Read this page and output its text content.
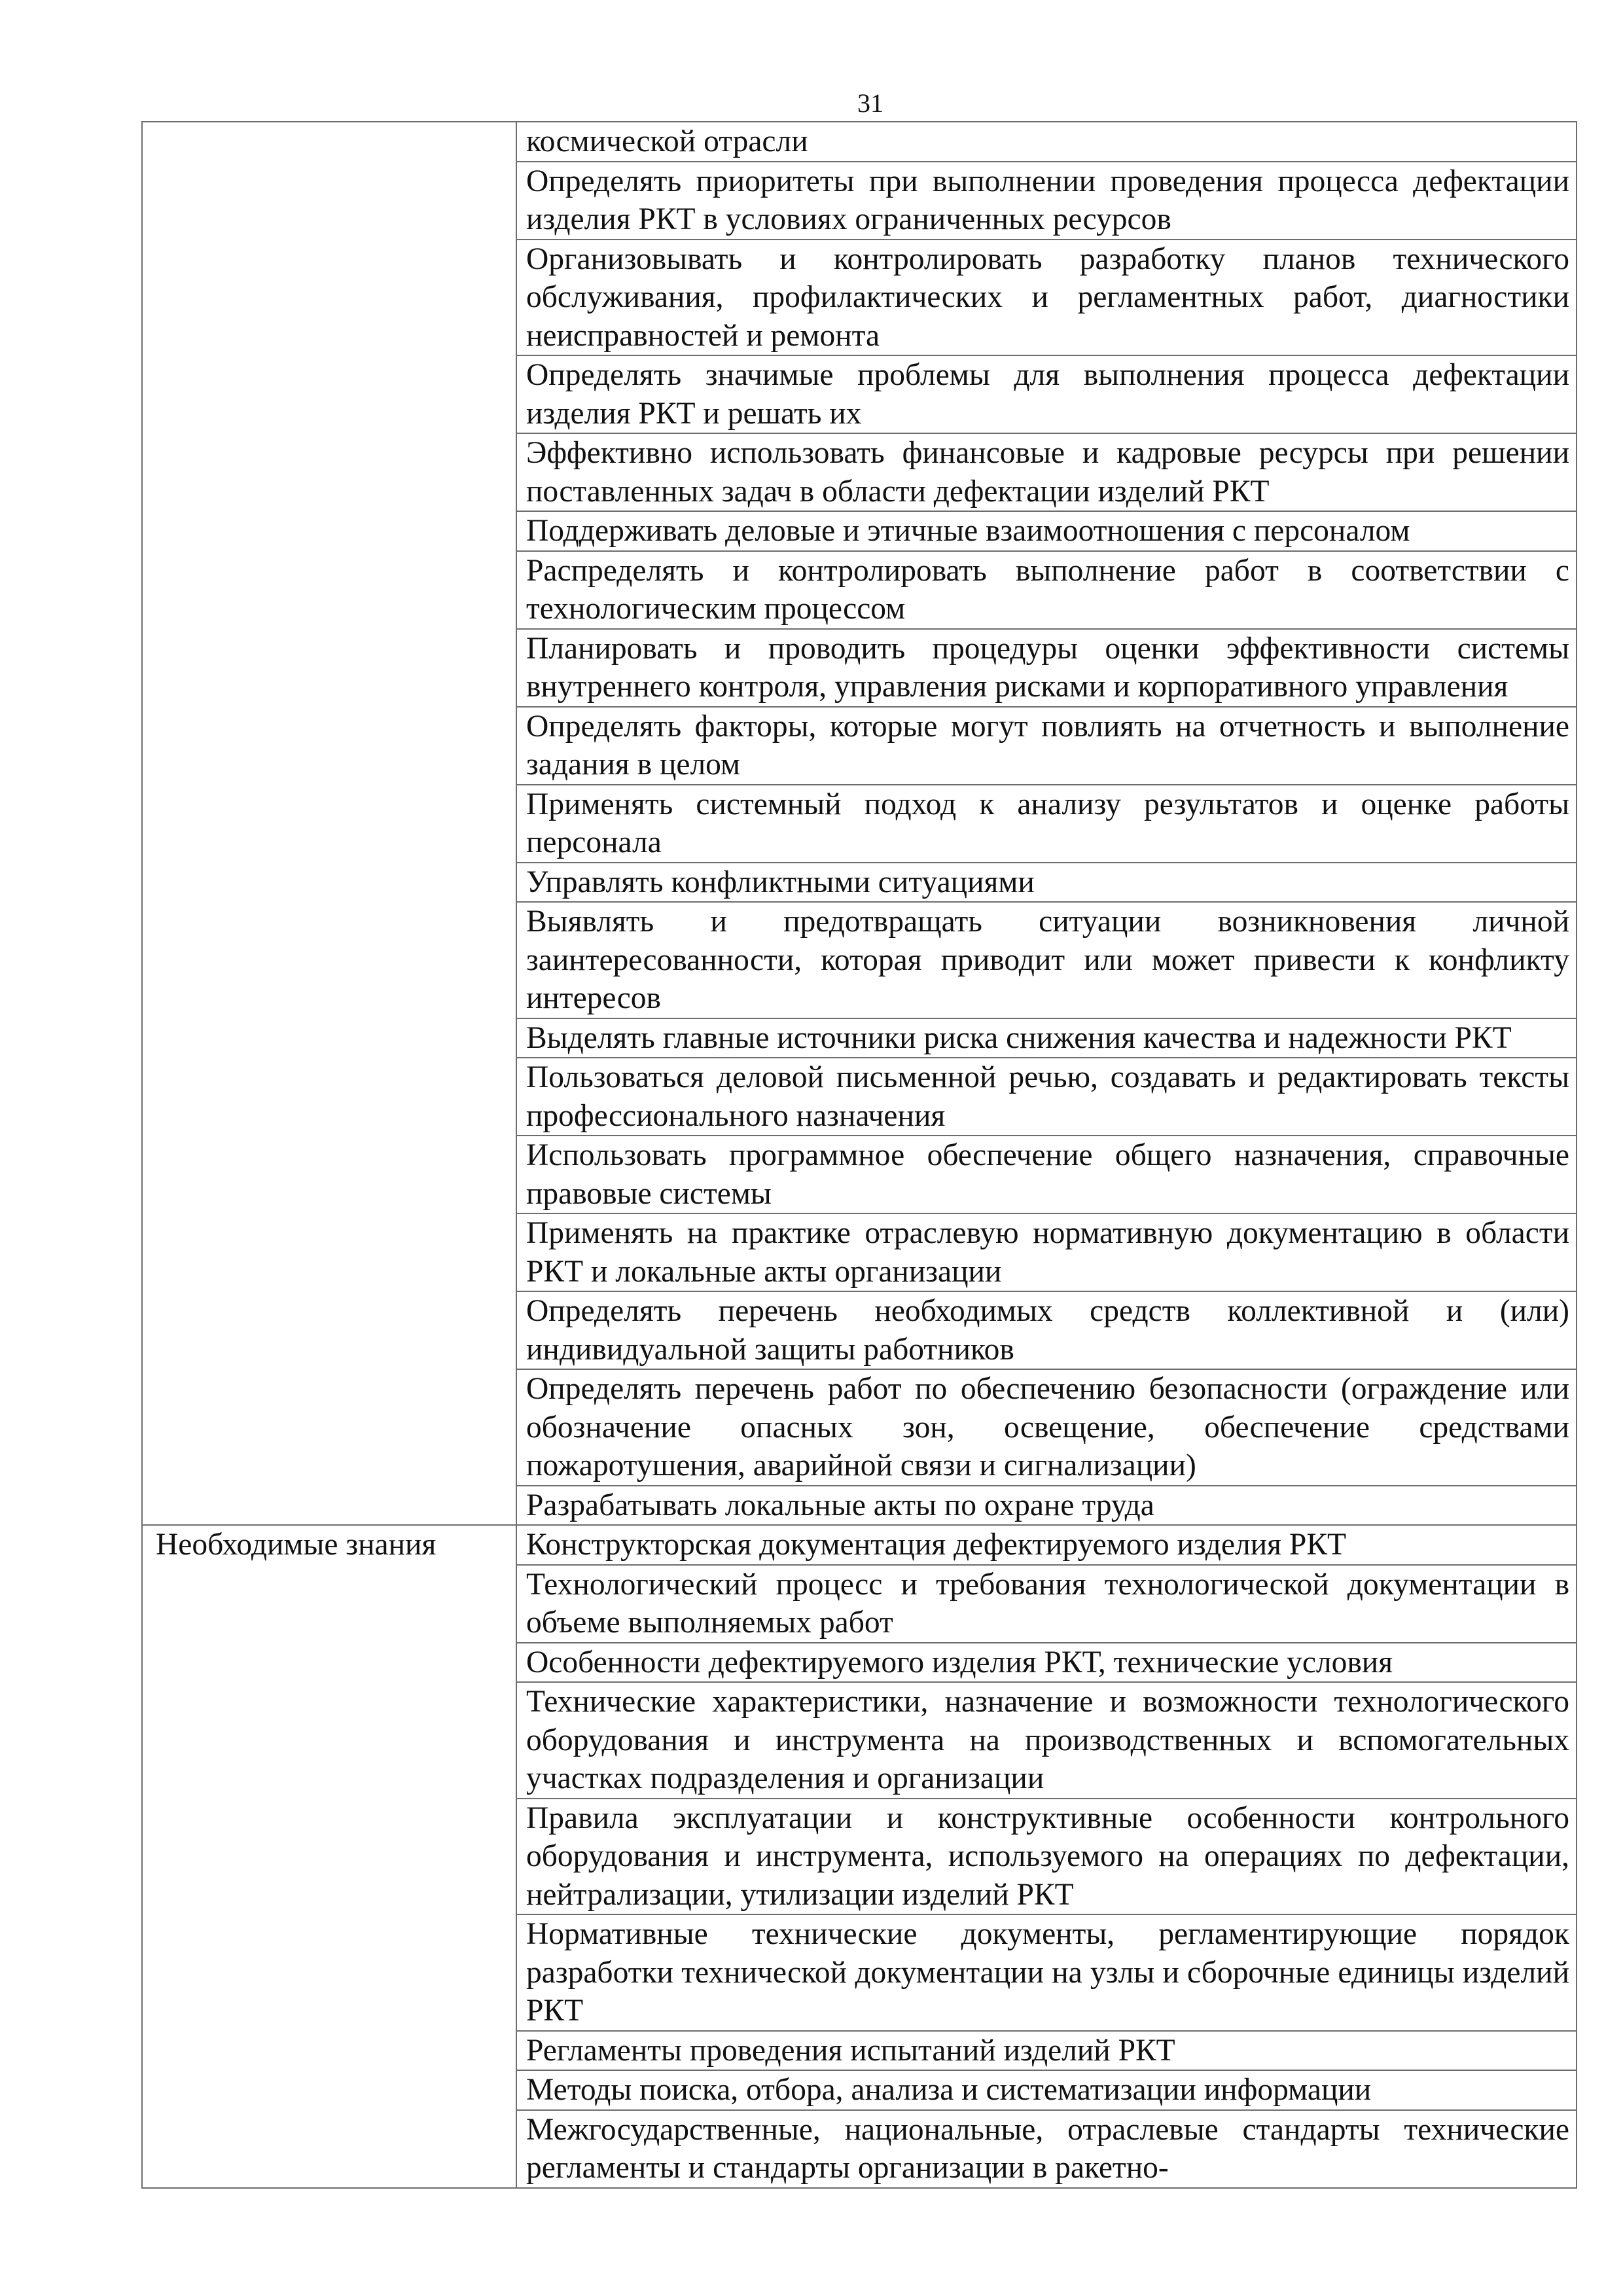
31
	космической отрасли
	Определять приоритеты при выполнении проведения процесса дефектации изделия РКТ в условиях ограниченных ресурсов
	Организовывать и контролировать разработку планов технического обслуживания, профилактических и регламентных работ, диагностики неисправностей и ремонта
	Определять значимые проблемы для выполнения процесса дефектации изделия РКТ и решать их
	Эффективно использовать финансовые и кадровые ресурсы при решении поставленных задач в области дефектации изделий РКТ
	Поддерживать деловые и этичные взаимоотношения с персоналом
	Распределять и контролировать выполнение работ в соответствии с технологическим процессом
	Планировать и проводить процедуры оценки эффективности системы внутреннего контроля, управления рисками и корпоративного управления
	Определять факторы, которые могут повлиять на отчетность и выполнение задания в целом
	Применять системный подход к анализу результатов и оценке работы персонала
	Управлять конфликтными ситуациями
	Выявлять и предотвращать ситуации возникновения личной заинтересованности, которая приводит или может привести к конфликту интересов
	Выделять главные источники риска снижения качества и надежности РКТ
	Пользоваться деловой письменной речью, создавать и редактировать тексты профессионального назначения
	Использовать программное обеспечение общего назначения, справочные правовые системы
	Применять на практике отраслевую нормативную документацию в области РКТ и локальные акты организации
	Определять перечень необходимых средств коллективной и (или) индивидуальной защиты работников
	Определять перечень работ по обеспечению безопасности (ограждение или обозначение опасных зон, освещение, обеспечение средствами пожаротушения, аварийной связи и сигнализации)
	Разрабатывать локальные акты по охране труда
Необходимые знания	Конструкторская документация дефектируемого изделия РКТ
	Технологический процесс и требования технологической документации в объеме выполняемых работ
	Особенности дефектируемого изделия РКТ, технические условия
	Технические характеристики, назначение и возможности технологического оборудования и инструмента на производственных и вспомогательных участках подразделения и организации
	Правила эксплуатации и конструктивные особенности контрольного оборудования и инструмента, используемого на операциях по дефектации, нейтрализации, утилизации изделий РКТ
	Нормативные технические документы, регламентирующие порядок разработки технической документации на узлы и сборочные единицы изделий РКТ
	Регламенты проведения испытаний изделий РКТ
	Методы поиска, отбора, анализа и систематизации информации
	Межгосударственные, национальные, отраслевые стандарты технические регламенты и стандарты организации в ракетно-
